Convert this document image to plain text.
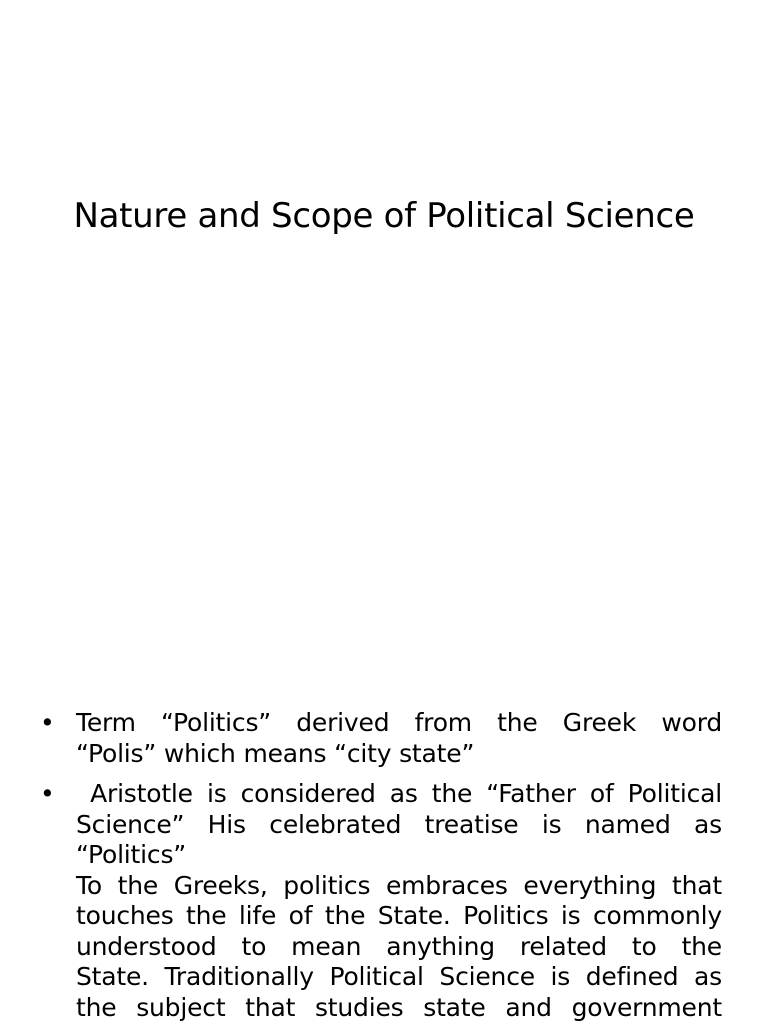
Nature and Scope of Political Science
• Term “Politics” derived from the Greek word
“Polis” which means “city state”
• Aristotle is considered as the “Father of Political
Science” His celebrated treatise is named as
“Politics”
To the Greeks, politics embraces everything that
touches the life of the State. Politics is commonly
understood to mean anything related to the
State. Traditionally Political Science is defined as
the subject that studies state and government
